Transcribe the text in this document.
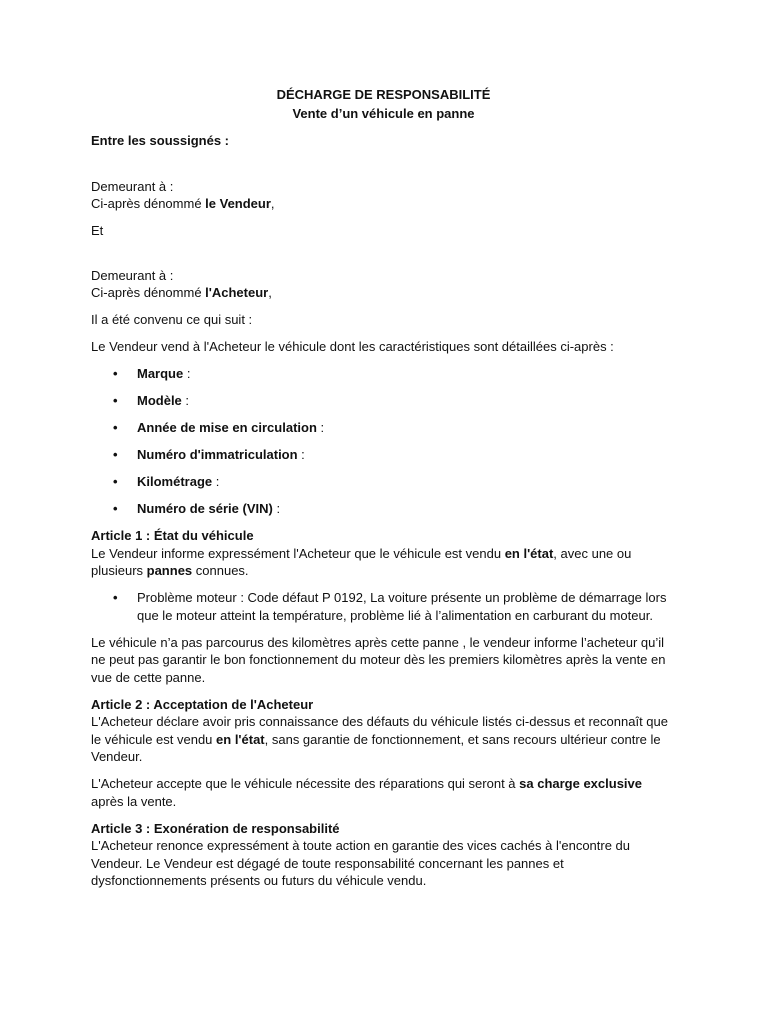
DÉCHARGE DE RESPONSABILITÉ
Vente d’un véhicule en panne

Entre les soussignés :

Demeurant à :

Ci-après dénommé le Vendeur,

Et

Demeurant à :

Ci-après dénommé l'Acheteur,

Il a été convenu ce qui suit :

Le Vendeur vend à l'Acheteur le véhicule dont les caractéristiques sont détaillées ci-après :

• Marque :
• Modèle :
• Année de mise en circulation :
• Numéro d'immatriculation :
• Kilométrage :
• Numéro de série (VIN) :

Article 1 : État du véhicule

Le Vendeur informe expressément l'Acheteur que le véhicule est vendu en l'état, avec une ou plusieurs pannes connues.

• Problème moteur : Code défaut P 0192, La voiture présente un problème de démarrage lors que le moteur atteint la température, problème lié à l’alimentation en carburant du moteur.

Le véhicule n’a pas parcourus des kilomètres après cette panne , le vendeur informe l’acheteur qu’il ne peut pas garantir le bon fonctionnement du moteur dès les premiers kilomètres après la vente en vue de cette panne.

Article 2 : Acceptation de l'Acheteur

L'Acheteur déclare avoir pris connaissance des défauts du véhicule listés ci-dessus et reconnaît que le véhicule est vendu en l'état, sans garantie de fonctionnement, et sans recours ultérieur contre le Vendeur.

L'Acheteur accepte que le véhicule nécessite des réparations qui seront à sa charge exclusive après la vente.

Article 3 : Exonération de responsabilité

L'Acheteur renonce expressément à toute action en garantie des vices cachés à l'encontre du Vendeur. Le Vendeur est dégagé de toute responsabilité concernant les pannes et dysfonctionnements présents ou futurs du véhicule vendu.
